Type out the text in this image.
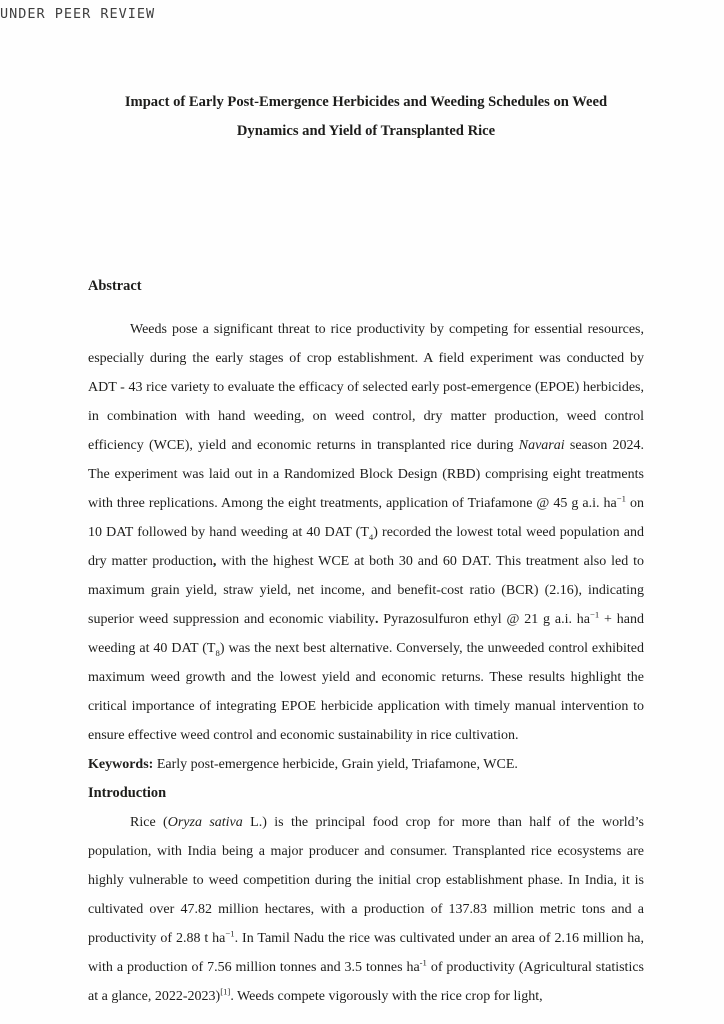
UNDER PEER REVIEW
Impact of Early Post-Emergence Herbicides and Weeding Schedules on Weed
Dynamics and Yield of Transplanted Rice
Abstract

Weeds pose a significant threat to rice productivity by competing for essential resources, especially during the early stages of crop establishment. A field experiment was conducted by ADT - 43 rice variety to evaluate the efficacy of selected early post-emergence (EPOE) herbicides, in combination with hand weeding, on weed control, dry matter production, weed control efficiency (WCE), yield and economic returns in transplanted rice during Navarai season 2024. The experiment was laid out in a Randomized Block Design (RBD) comprising eight treatments with three replications. Among the eight treatments, application of Triafamone @ 45 g a.i. $ha^{-1}$ on 10 DAT followed by hand weeding at 40 DAT $(T_4)$ recorded the lowest total weed population and dry matter production, with the highest WCE at both 30 and 60 DAT. This treatment also led to maximum grain yield, straw yield, net income, and benefit-cost ratio (BCR) (2.16), indicating superior weed suppression and economic viability. Pyrazosulfuron ethyl @ 21 g a.i. $ha^{-1}$ + hand weeding at 40 DAT $(T_8)$ was the next best alternative. Conversely, the unweeded control exhibited maximum weed growth and the lowest yield and economic returns. These results highlight the critical importance of integrating EPOE herbicide application with timely manual intervention to ensure effective weed control and economic sustainability in rice cultivation.

Keywords: Early post-emergence herbicide, Grain yield, Triafamone, WCE.
Introduction

Rice (Oryza sativa L.) is the principal food crop for more than half of the world’s population, with India being a major producer and consumer. Transplanted rice ecosystems are highly vulnerable to weed competition during the initial crop establishment phase. In India, it is cultivated over 47.82 million hectares, with a production of 137.83 million metric tons and a productivity of 2.88 t $ha^{-1}$. In Tamil Nadu the rice was cultivated under an area of 2.16 million ha, with a production of 7.56 million tonnes and 3.5 tonnes $ha^{-1}$ of productivity (Agricultural statistics at a glance, 2022-2023)[1]. Weeds compete vigorously with the rice crop for light,
